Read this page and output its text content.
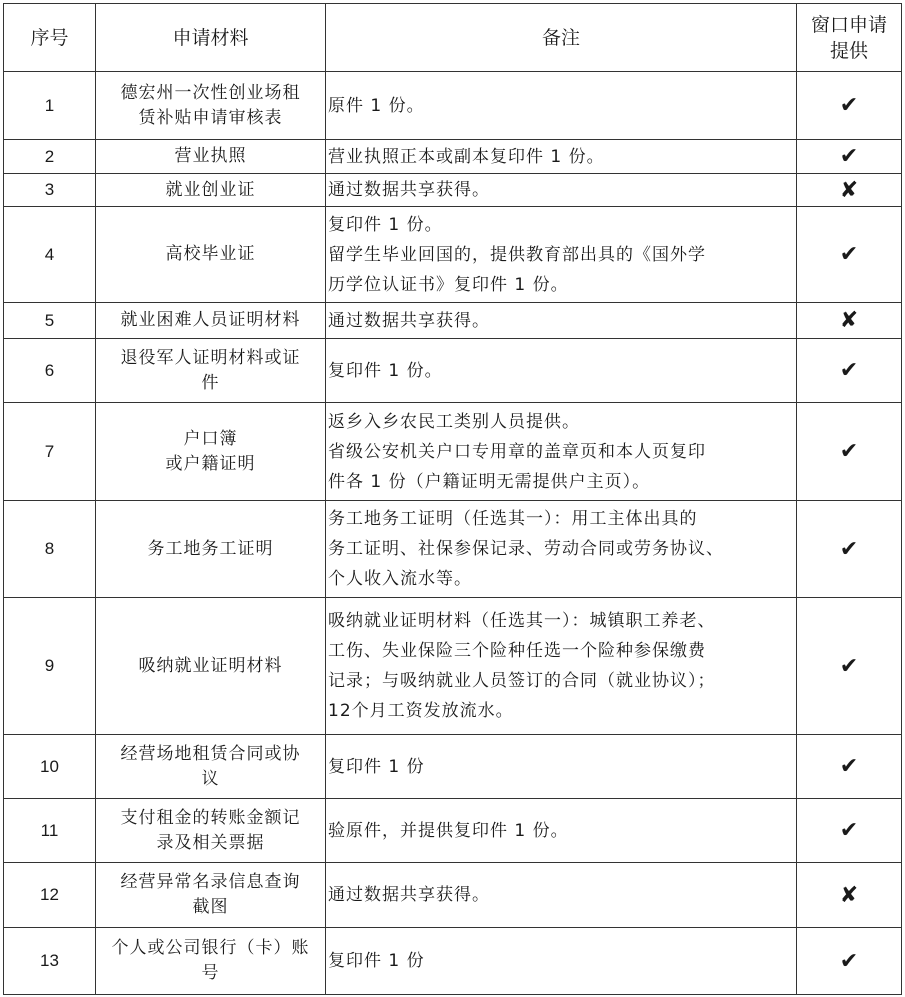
序号	申请材料	备注	窗口申请
提供

1	德宏州一次性创业场租
赁补贴申请审核表	原件 1 份。	✔
2	营业执照	营业执照正本或副本复印件 1 份。	✔
3	就业创业证	通过数据共享获得。	✘
4	高校毕业证	复印件 1 份。
留学生毕业回国的，提供教育部出具的《国外学
历学位认证书》复印件 1 份。	✔
5	就业困难人员证明材料	通过数据共享获得。	✘
6	退役军人证明材料或证
件	复印件 1 份。	✔
7	户口簿
或户籍证明	返乡入乡农民工类别人员提供。
省级公安机关户口专用章的盖章页和本人页复印
件各 1 份（户籍证明无需提供户主页）。	✔
8	务工地务工证明	务工地务工证明（任选其一）：用工主体出具的
务工证明、社保参保记录、劳动合同或劳务协议、
个人收入流水等。	✔
9	吸纳就业证明材料	吸纳就业证明材料（任选其一）：城镇职工养老、
工伤、失业保险三个险种任选一个险种参保缴费
记录；与吸纳就业人员签订的合同（就业协议）；
12个月工资发放流水。	✔
10	经营场地租赁合同或协
议	复印件 1 份	✔
11	支付租金的转账金额记
录及相关票据	验原件，并提供复印件 1 份。	✔
12	经营异常名录信息查询
截图	通过数据共享获得。	✘
13	个人或公司银行（卡）账
号	复印件 1 份	✔
